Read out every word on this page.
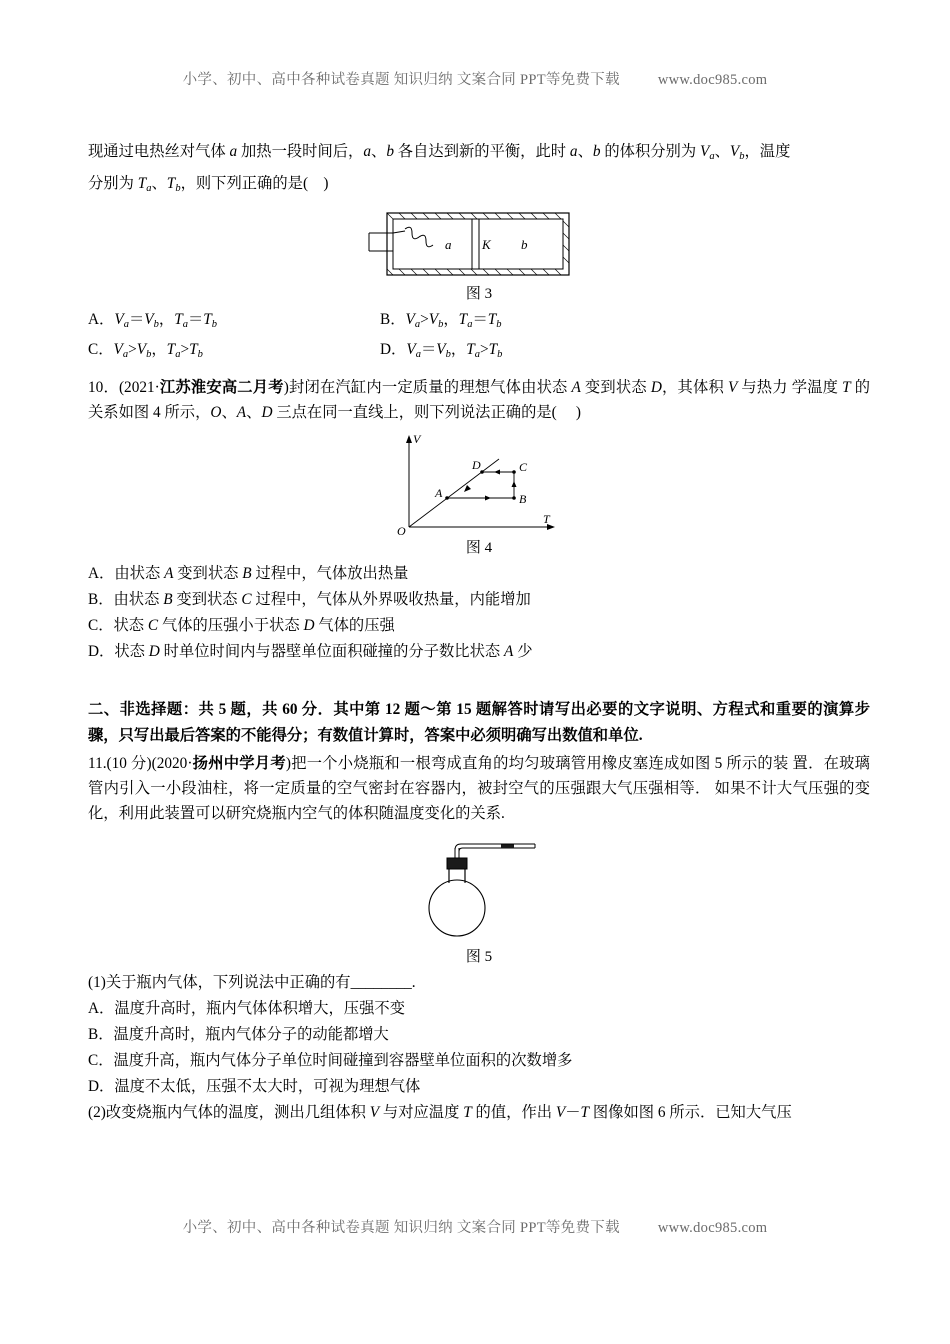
小学、初中、高中各种试卷真题 知识归纳 文案合同 PPT等免费下载	www.doc985.com

现通过电热丝对气体 a 加热一段时间后，a、b 各自达到新的平衡，此时 a、b 的体积分别为 $V_a$、$V_b$，温度

分别为 $T_a$、$T_b$，则下列正确的是(    )

a K b
图 3
A．$V_a=V_b$，$T_a=T_b$	B．$V_a>V_b$，$T_a=T_b$
C．$V_a>V_b$，$T_a>T_b$	D．$V_a=V_b$，$T_a>T_b$

10．(2021·江苏淮安高二月考)封闭在汽缸内一定质量的理想气体由状态 A 变到状态 D，其体积 V 与热力 学温度 T 的关系如图 4 所示，O、A、D 三点在同一直线上，则下列说法正确的是(     )

V
T
O
A
D
B
C
图 4
A．由状态 A 变到状态 B 过程中，气体放出热量
B．由状态 B 变到状态 C 过程中，气体从外界吸收热量，内能增加
C．状态 C 气体的压强小于状态 D 气体的压强
D．状态 D 时单位时间内与器壁单位面积碰撞的分子数比状态 A 少
二、非选择题：共 5 题，共 60 分．其中第 12 题～第 15 题解答时请写出必要的文字说明、方程式和重要的演算步骤，只写出最后答案的不能得分；有数值计算时，答案中必须明确写出数值和单位.

11.(10 分)(2020·扬州中学月考)把一个小烧瓶和一根弯成直角的均匀玻璃管用橡皮塞连成如图 5 所示的装 置．在玻璃管内引入一小段油柱，将一定质量的空气密封在容器内，被封空气的压强跟大气压强相等． 如果不计大气压强的变化，利用此装置可以研究烧瓶内空气的体积随温度变化的关系.

图 5
(1)关于瓶内气体，下列说法中正确的有________.
A．温度升高时，瓶内气体体积增大，压强不变
B．温度升高时，瓶内气体分子的动能都增大
C．温度升高，瓶内气体分子单位时间碰撞到容器壁单位面积的次数增多
D．温度不太低，压强不太大时，可视为理想气体
(2)改变烧瓶内气体的温度，测出几组体积 V 与对应温度 T 的值，作出 V－T 图像如图 6 所示．已知大气压
小学、初中、高中各种试卷真题 知识归纳 文案合同 PPT等免费下载	www.doc985.com
